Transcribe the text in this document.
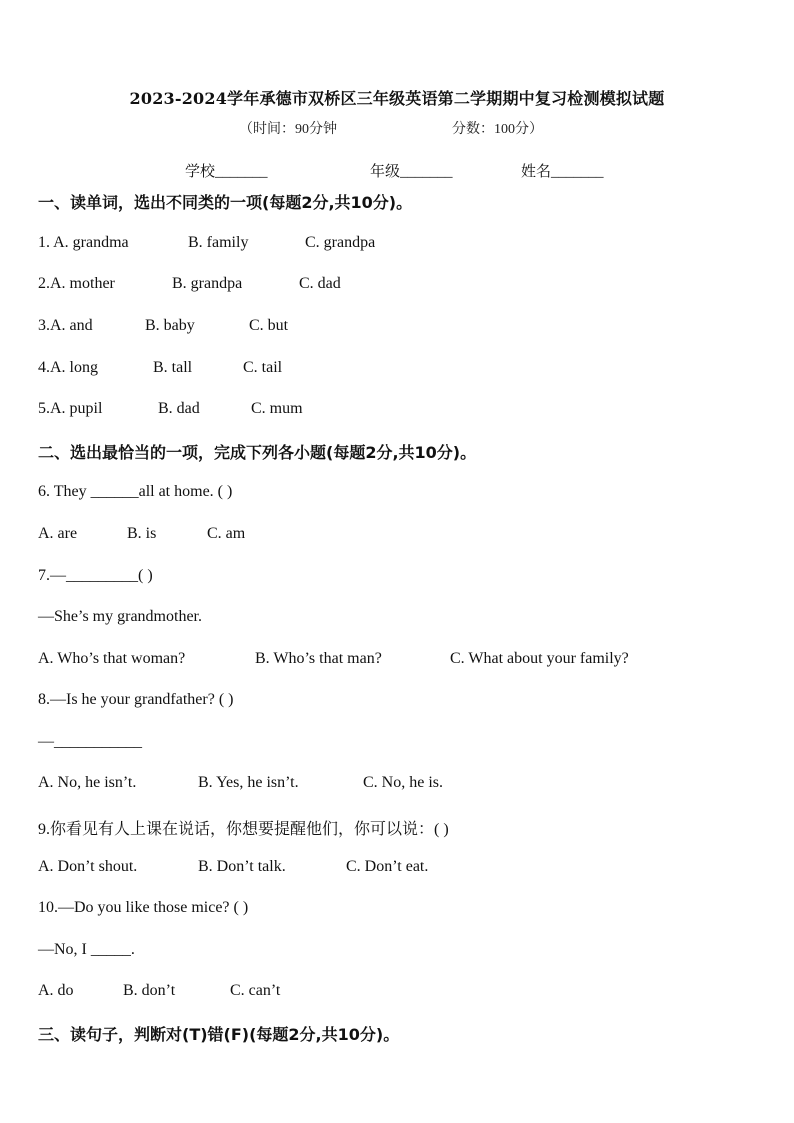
2023-2024学年承德市双桥区三年级英语第二学期期中复习检测模拟试题
（时间：90分钟	分数：100分）
学校_______	年级_______	姓名_______
一、读单词，选出不同类的一项(每题2分,共10分)。
1. A. grandma	B. family	C. grandpa
2.A. mother	B. grandpa	C. dad
3.A. and	B. baby	C. but
4.A. long	B. tall	C. tail
5.A. pupil	B. dad	C. mum
二、选出最恰当的一项，完成下列各小题(每题2分,共10分)。
6. They ______all at home. ( )
A. are	B. is	C. am
7.—_________( )
—She’s my grandmother.
A. Who’s that woman?	B. Who’s that man?	C. What about your family?
8.—Is he your grandfather? ( )
—___________
A. No, he isn’t.	B. Yes, he isn’t.	C. No, he is.
9.你看见有人上课在说话，你想要提醒他们，你可以说：( )
A. Don’t shout.	B. Don’t talk.	C. Don’t eat.
10.—Do you like those mice? ( )
—No, I _____.
A. do	B. don’t	C. can’t
三、读句子，判断对(T)错(F)(每题2分,共10分)。
